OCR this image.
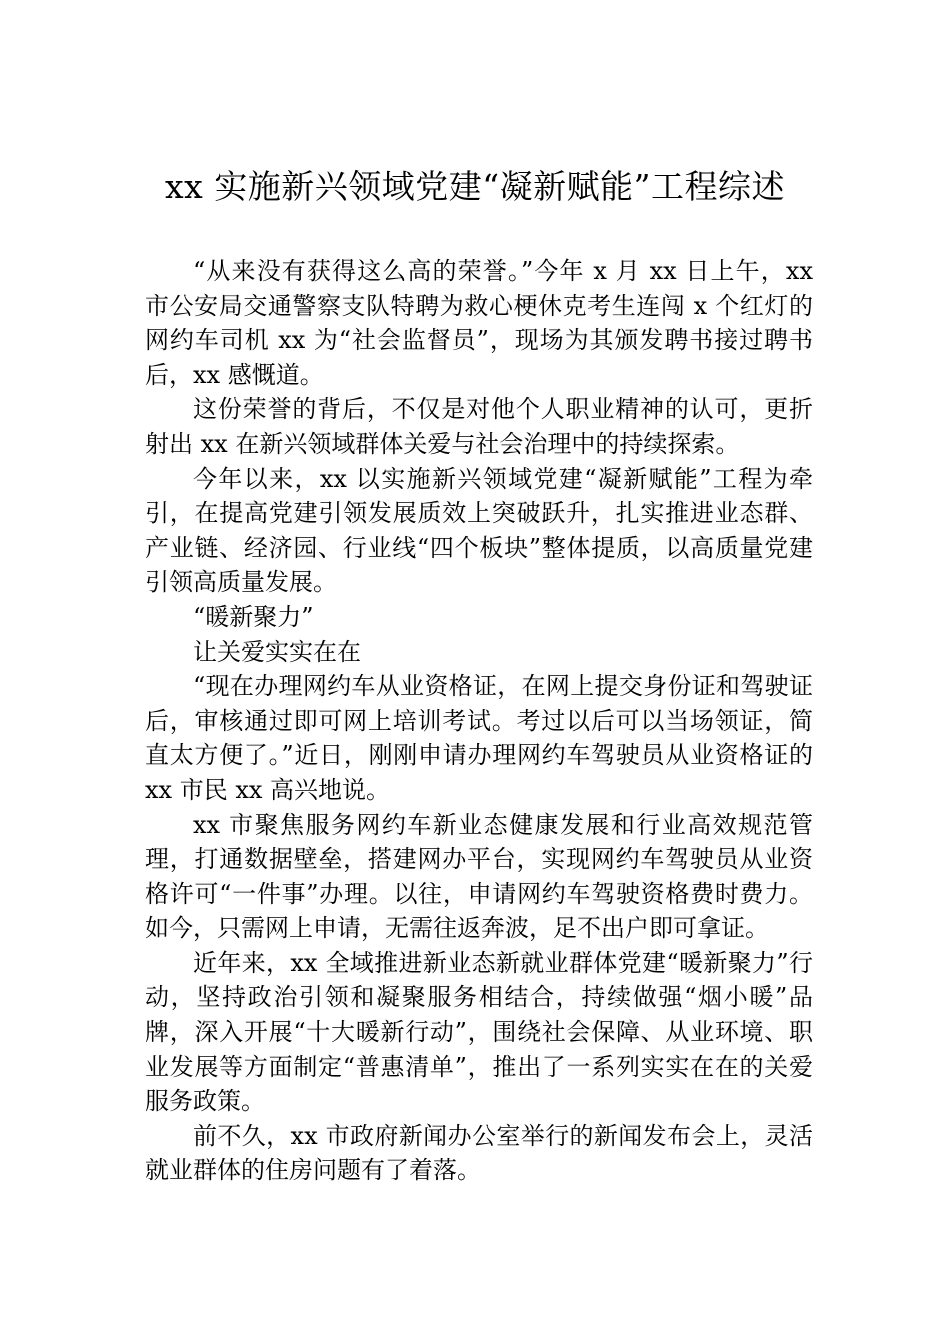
xx 实施新兴领域党建“凝新赋能”工程综述

“从来没有获得这么高的荣誉。”今年 x 月 xx 日上午，xx 市公安局交通警察支队特聘为救心梗休克考生连闯 x 个红灯的网约车司机 xx 为“社会监督员”，现场为其颁发聘书接过聘书后，xx 感慨道。

这份荣誉的背后，不仅是对他个人职业精神的认可，更折射出 xx 在新兴领域群体关爱与社会治理中的持续探索。

今年以来，xx 以实施新兴领域党建“凝新赋能”工程为牵引，在提高党建引领发展质效上突破跃升，扎实推进业态群、产业链、经济园、行业线“四个板块”整体提质，以高质量党建引领高质量发展。

“暖新聚力”

让关爱实实在在

“现在办理网约车从业资格证，在网上提交身份证和驾驶证后，审核通过即可网上培训考试。考过以后可以当场领证，简直太方便了。”近日，刚刚申请办理网约车驾驶员从业资格证的 xx 市民 xx 高兴地说。

xx 市聚焦服务网约车新业态健康发展和行业高效规范管理，打通数据壁垒，搭建网办平台，实现网约车驾驶员从业资格许可“一件事”办理。以往，申请网约车驾驶资格费时费力。如今，只需网上申请，无需往返奔波，足不出户即可拿证。

近年来，xx 全域推进新业态新就业群体党建“暖新聚力”行动，坚持政治引领和凝聚服务相结合，持续做强“烟小暖”品牌，深入开展“十大暖新行动”，围绕社会保障、从业环境、职业发展等方面制定“普惠清单”，推出了一系列实实在在的关爱服务政策。

前不久，xx 市政府新闻办公室举行的新闻发布会上，灵活就业群体的住房问题有了着落。
